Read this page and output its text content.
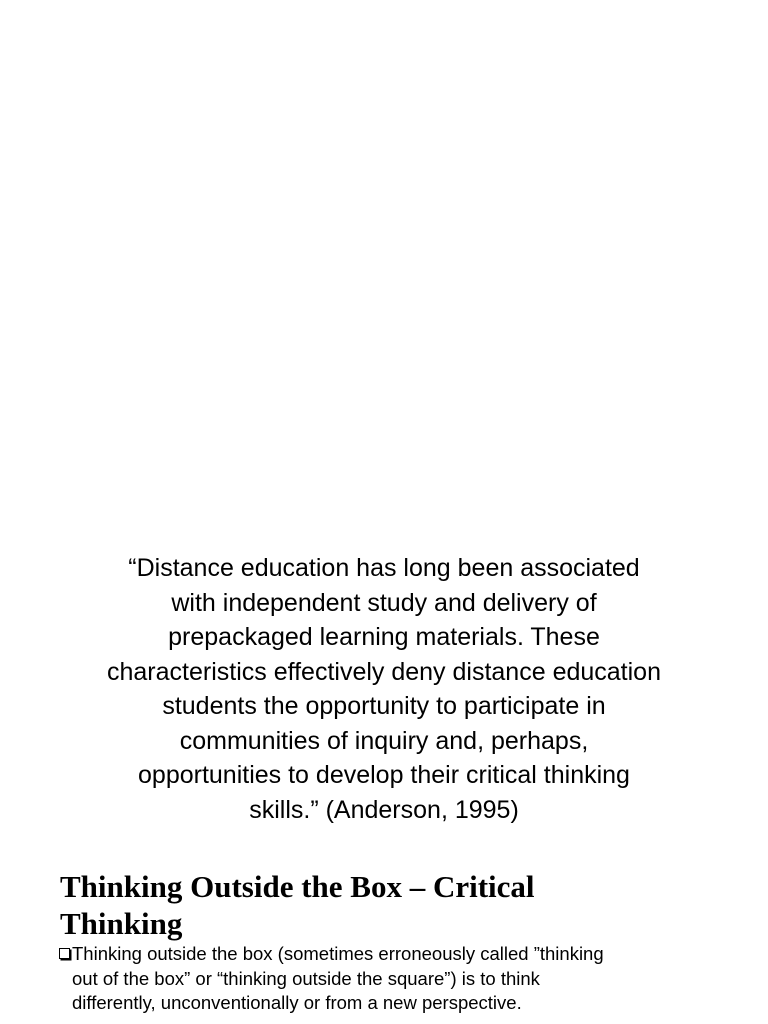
“Distance education has long been associated
with independent study and delivery of
prepackaged learning materials. These
characteristics effectively deny distance education
students the opportunity to participate in
communities of inquiry and, perhaps,
opportunities to develop their critical thinking
skills.” (Anderson, 1995)
Thinking Outside the Box – Critical
Thinking

Thinking outside the box (sometimes erroneously called ”thinking
out of the box” or “thinking outside the square”) is to think
differently, unconventionally or from a new perspective.
